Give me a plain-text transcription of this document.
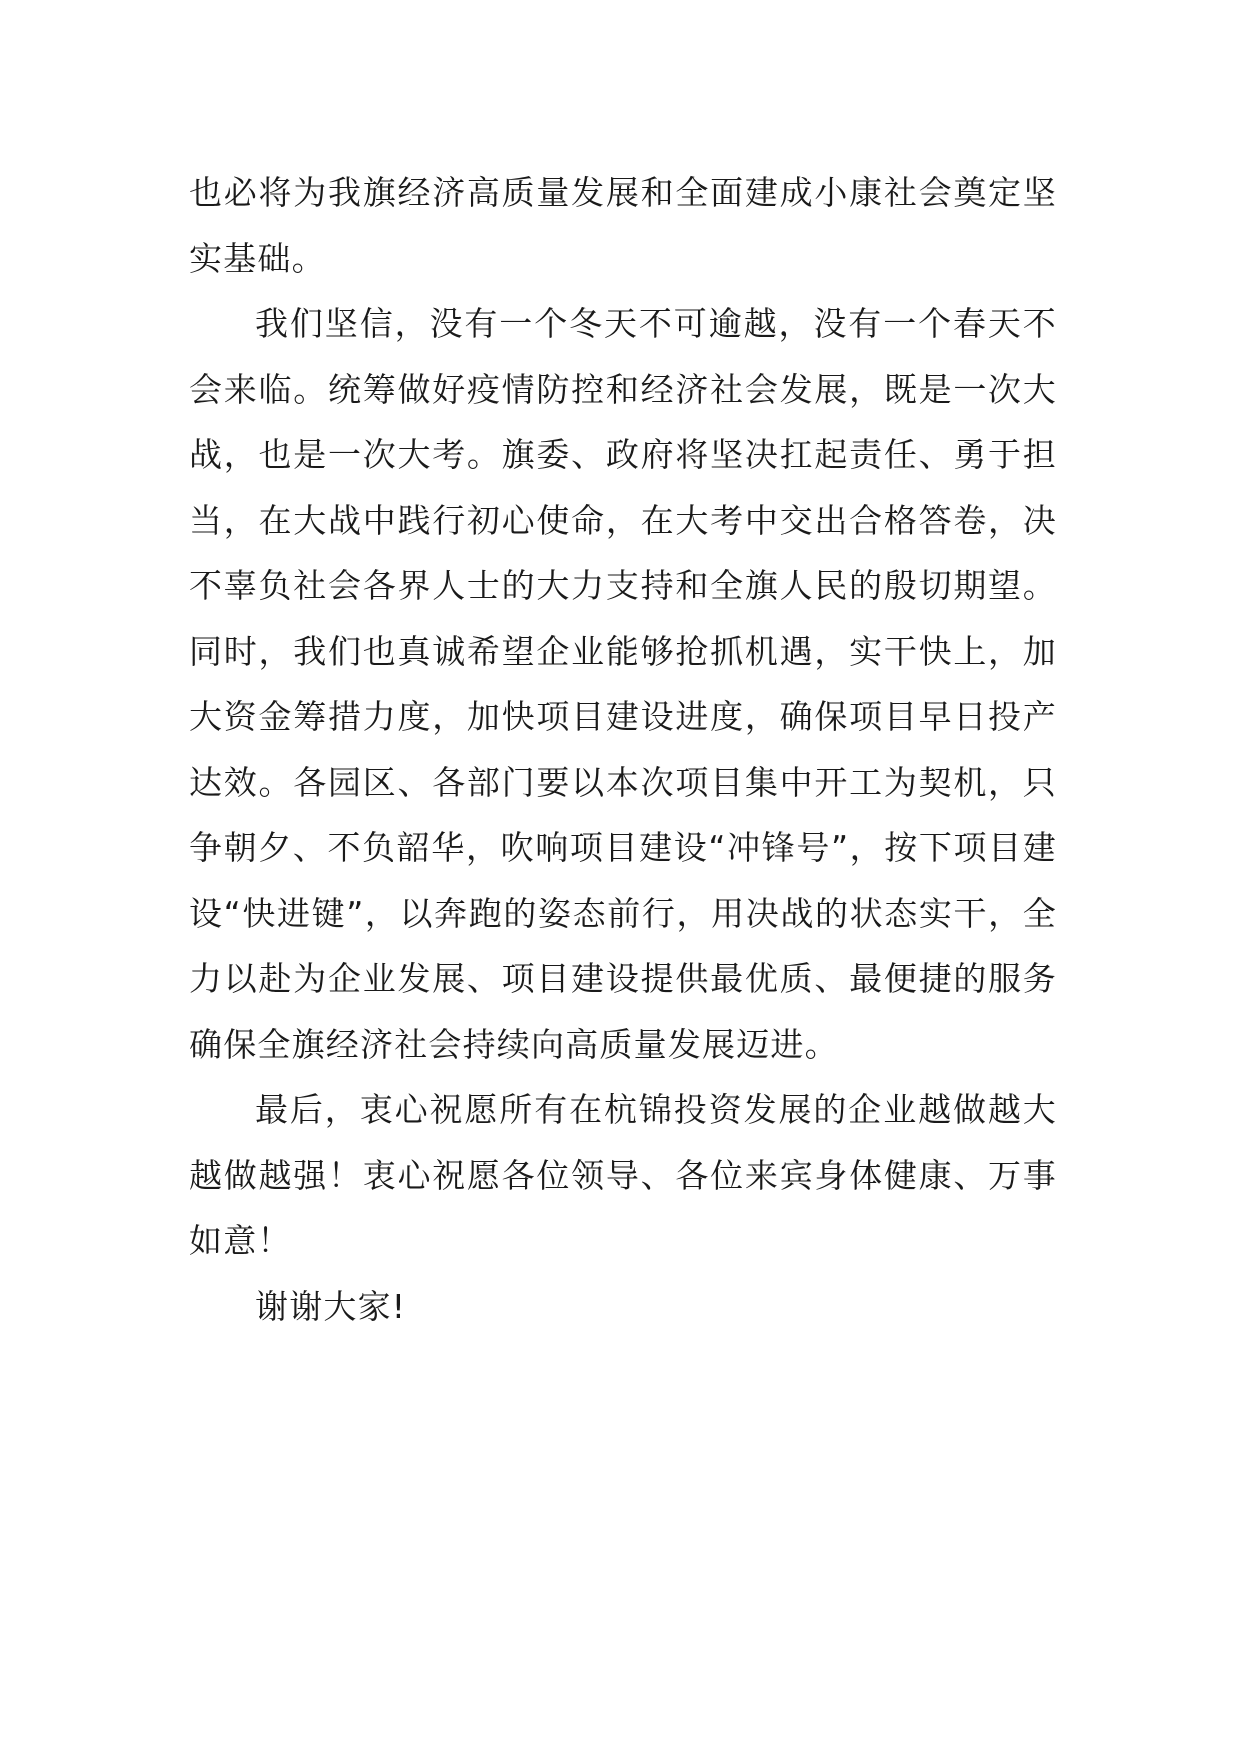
也必将为我旗经济高质量发展和全面建成小康社会奠定坚实基础。

我们坚信，没有一个冬天不可逾越，没有一个春天不会来临。统筹做好疫情防控和经济社会发展，既是一次大战，也是一次大考。旗委、政府将坚决扛起责任、勇于担当，在大战中践行初心使命，在大考中交出合格答卷，决不辜负社会各界人士的大力支持和全旗人民的殷切期望。同时，我们也真诚希望企业能够抢抓机遇，实干快上，加大资金筹措力度，加快项目建设进度，确保项目早日投产达效。各园区、各部门要以本次项目集中开工为契机，只争朝夕、不负韶华，吹响项目建设“冲锋号”，按下项目建设“快进键”，以奔跑的姿态前行，用决战的状态实干，全力以赴为企业发展、项目建设提供最优质、最便捷的服务确保全旗经济社会持续向高质量发展迈进。

最后，衷心祝愿所有在杭锦投资发展的企业越做越大越做越强！衷心祝愿各位领导、各位来宾身体健康、万事如意！

谢谢大家!
